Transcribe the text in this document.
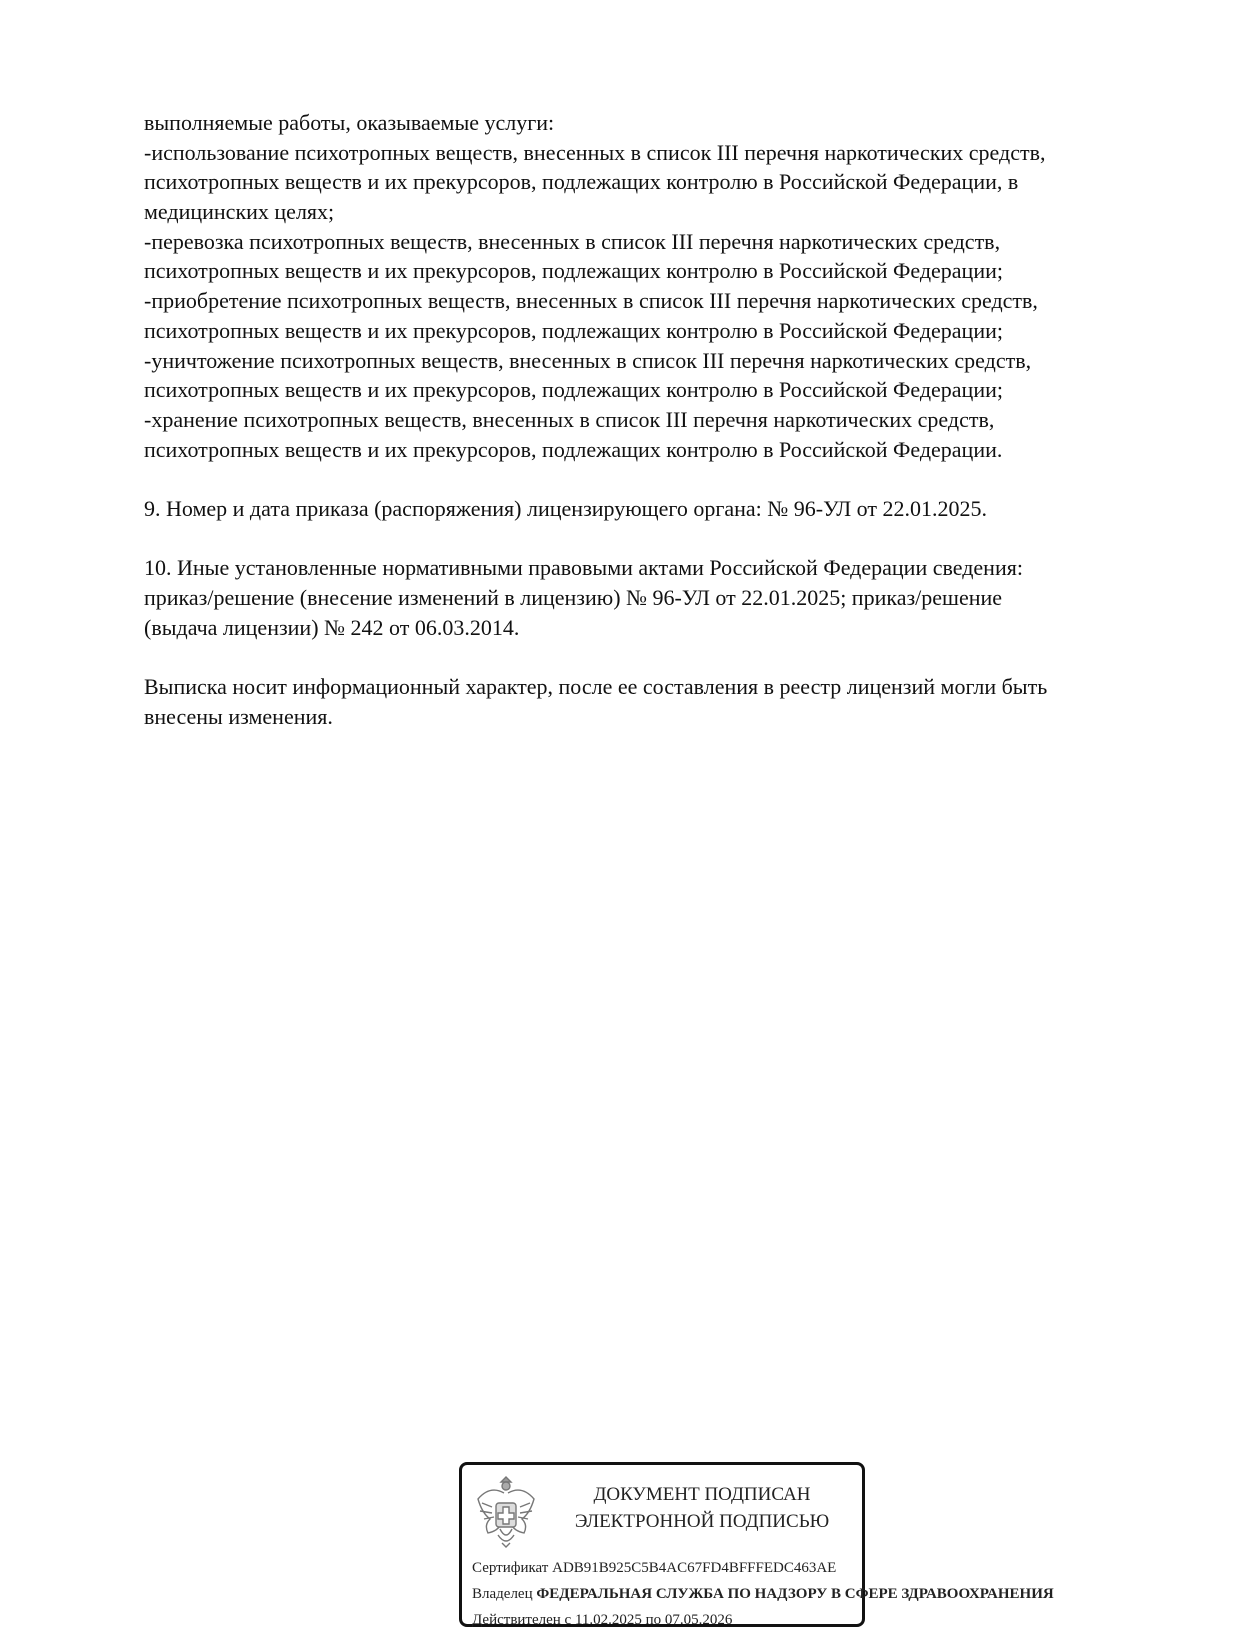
выполняемые работы, оказываемые услуги:
-использование психотропных веществ, внесенных в список III перечня наркотических средств,
психотропных веществ и их прекурсоров, подлежащих контролю в Российской Федерации, в
медицинских целях;
-перевозка психотропных веществ, внесенных в список III перечня наркотических средств,
психотропных веществ и их прекурсоров, подлежащих контролю в Российской Федерации;
-приобретение психотропных веществ, внесенных в список III перечня наркотических средств,
психотропных веществ и их прекурсоров, подлежащих контролю в Российской Федерации;
-уничтожение психотропных веществ, внесенных в список III перечня наркотических средств,
психотропных веществ и их прекурсоров, подлежащих контролю в Российской Федерации;
-хранение психотропных веществ, внесенных в список III перечня наркотических средств,
психотропных веществ и их прекурсоров, подлежащих контролю в Российской Федерации.
9. Номер и дата приказа (распоряжения) лицензирующего органа: № 96-УЛ от 22.01.2025.
10. Иные установленные нормативными правовыми актами Российской Федерации сведения:
приказ/решение (внесение изменений в лицензию) № 96-УЛ от 22.01.2025; приказ/решение
(выдача лицензии) № 242 от 06.03.2014.
Выписка носит информационный характер, после ее составления в реестр лицензий могли быть
внесены изменения.
ДОКУМЕНТ ПОДПИСАН
ЭЛЕКТРОННОЙ ПОДПИСЬЮ
Сертификат ADB91B925C5B4AC67FD4BFFFEDC463AE
Владелец ФЕДЕРАЛЬНАЯ СЛУЖБА ПО НАДЗОРУ В СФЕРЕ ЗДРАВООХРАНЕНИЯ
Действителен с 11.02.2025 по 07.05.2026
